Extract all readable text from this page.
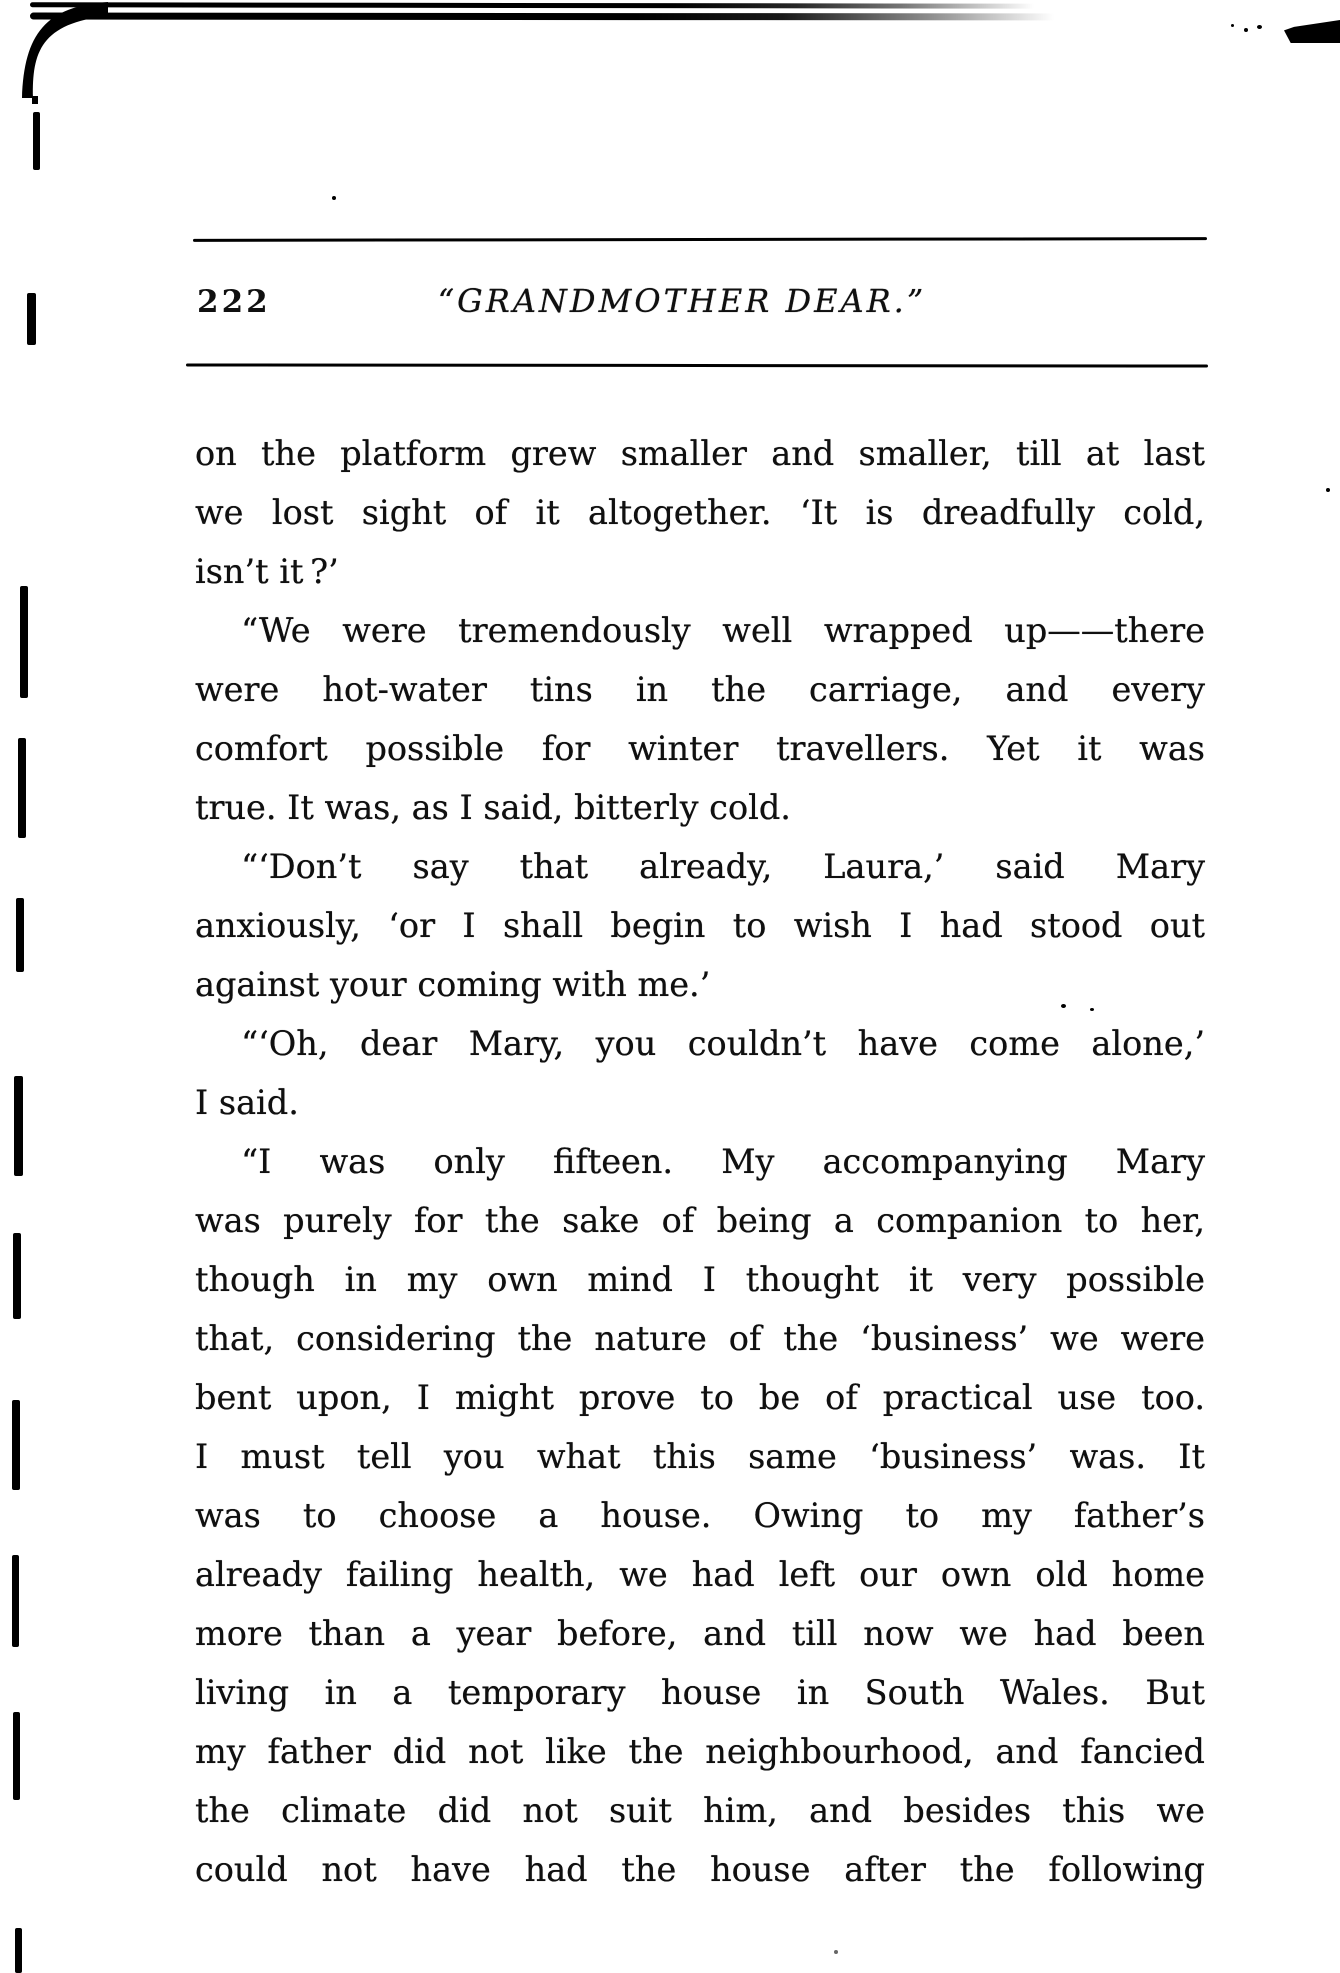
222	“GRANDMOTHER DEAR.”
on the platform grew smaller and smaller, till at last
we lost sight of it altogether. ‘It is dreadfully cold,
isn’t it ?’
“We were tremendously well wrapped up——there
were hot-water tins in the carriage, and every
comfort possible for winter travellers. Yet it was
true. It was, as I said, bitterly cold.
“‘Don’t say that already, Laura,’ said Mary
anxiously, ‘or I shall begin to wish I had stood out
against your coming with me.’
“‘Oh, dear Mary, you couldn’t have come alone,’
I said.
“I was only fifteen. My accompanying Mary
was purely for the sake of being a companion to her,
though in my own mind I thought it very possible
that, considering the nature of the ‘business’ we were
bent upon, I might prove to be of practical use too.
I must tell you what this same ‘business’ was. It
was to choose a house. Owing to my father’s
already failing health, we had left our own old home
more than a year before, and till now we had been
living in a temporary house in South Wales. But
my father did not like the neighbourhood, and fancied
the climate did not suit him, and besides this we
could not have had the house after the following
